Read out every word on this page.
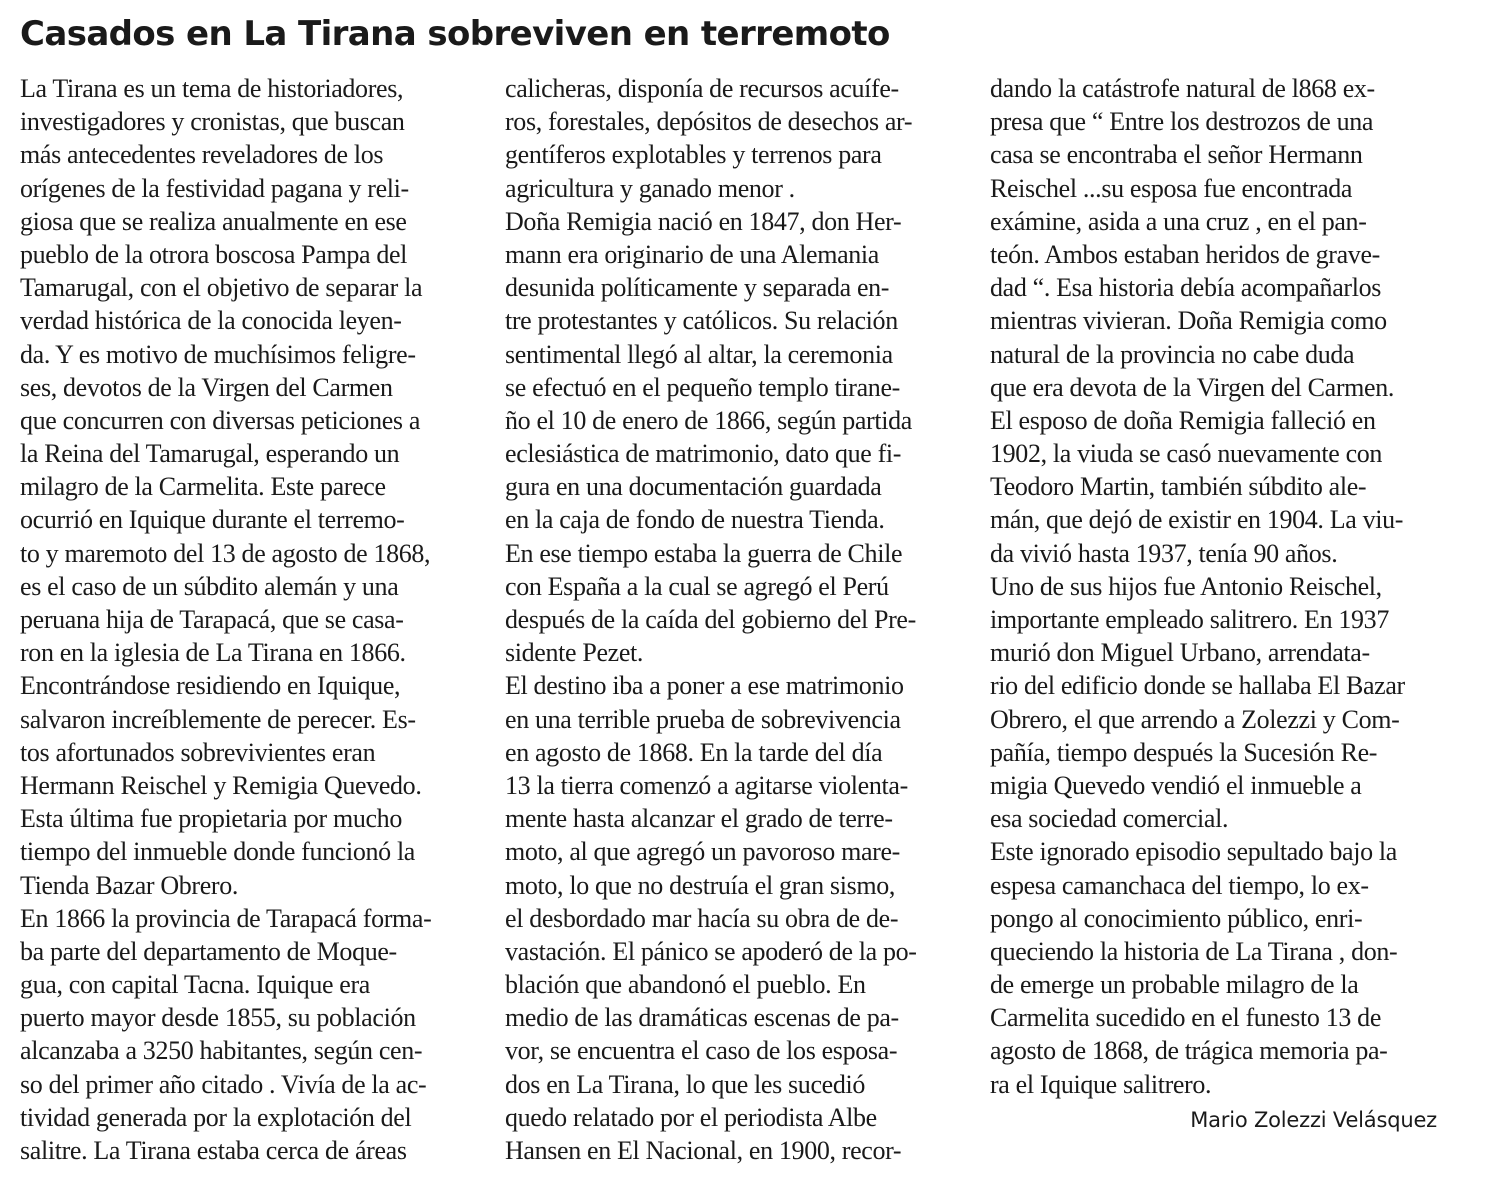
Casados en La Tirana sobreviven en terremoto
La Tirana es un tema de historiadores,
investigadores y cronistas, que buscan
más antecedentes reveladores de los
orígenes de la festividad pagana y reli-
giosa que se realiza anualmente en ese
pueblo de la otrora boscosa Pampa del
Tamarugal, con el objetivo de separar la
verdad histórica de la conocida leyen-
da. Y es motivo de muchísimos feligre-
ses, devotos de la Virgen del Carmen
que concurren con diversas peticiones a
la Reina del Tamarugal, esperando un
milagro de la Carmelita. Este parece
ocurrió en Iquique durante el terremo-
to y maremoto del 13 de agosto de 1868,
es el caso de un súbdito alemán y una
peruana hija de Tarapacá, que se casa-
ron en la iglesia de La Tirana en 1866.
Encontrándose residiendo en Iquique,
salvaron increíblemente de perecer. Es-
tos afortunados sobrevivientes eran
Hermann Reischel y Remigia Quevedo.
Esta última fue propietaria por mucho
tiempo del inmueble donde funcionó la
Tienda Bazar Obrero.
En 1866 la provincia de Tarapacá forma-
ba parte del departamento de Moque-
gua, con capital Tacna. Iquique era
puerto mayor desde 1855, su población
alcanzaba a 3250 habitantes, según cen-
so del primer año citado . Vivía de la ac-
tividad generada por la explotación del
salitre. La Tirana estaba cerca de áreas
calicheras, disponía de recursos acuífe-
ros, forestales, depósitos de desechos ar-
gentíferos explotables y terrenos para
agricultura y ganado menor .
Doña Remigia nació en 1847, don Her-
mann era originario de una Alemania
desunida políticamente y separada en-
tre protestantes y católicos. Su relación
sentimental llegó al altar, la ceremonia
se efectuó en el pequeño templo tirane-
ño el 10 de enero de 1866, según partida
eclesiástica de matrimonio, dato que fi-
gura en una documentación guardada
en la caja de fondo de nuestra Tienda.
En ese tiempo estaba la guerra de Chile
con España a la cual se agregó el Perú
después de la caída del gobierno del Pre-
sidente Pezet.
El destino iba a poner a ese matrimonio
en una terrible prueba de sobrevivencia
en agosto de 1868. En la tarde del día
13 la tierra comenzó a agitarse violenta-
mente hasta alcanzar el grado de terre-
moto, al que agregó un pavoroso mare-
moto, lo que no destruía el gran sismo,
el desbordado mar hacía su obra de de-
vastación. El pánico se apoderó de la po-
blación que abandonó el pueblo. En
medio de las dramáticas escenas de pa-
vor, se encuentra el caso de los esposa-
dos en La Tirana, lo que les sucedió
quedo relatado por el periodista Albe
Hansen en El Nacional, en 1900, recor-
dando la catástrofe natural de l868 ex-
presa que “ Entre los destrozos de una
casa se encontraba el señor Hermann
Reischel ...su esposa fue encontrada
exámine, asida a una cruz , en el pan-
teón. Ambos estaban heridos de grave-
dad “. Esa historia debía acompañarlos
mientras vivieran. Doña Remigia como
natural de la provincia no cabe duda
que era devota de la Virgen del Carmen.
El esposo de doña Remigia falleció en
1902, la viuda se casó nuevamente con
Teodoro Martin, también súbdito ale-
mán, que dejó de existir en 1904. La viu-
da vivió hasta 1937, tenía 90 años.
Uno de sus hijos fue Antonio Reischel,
importante empleado salitrero. En 1937
murió don Miguel Urbano, arrendata-
rio del edificio donde se hallaba El Bazar
Obrero, el que arrendo a Zolezzi y Com-
pañía, tiempo después la Sucesión Re-
migia Quevedo vendió el inmueble a
esa sociedad comercial.
Este ignorado episodio sepultado bajo la
espesa camanchaca del tiempo, lo ex-
pongo al conocimiento público, enri-
queciendo la historia de La Tirana , don-
de emerge un probable milagro de la
Carmelita sucedido en el funesto 13 de
agosto de 1868, de trágica memoria pa-
ra el Iquique salitrero.
Mario Zolezzi Velásquez
